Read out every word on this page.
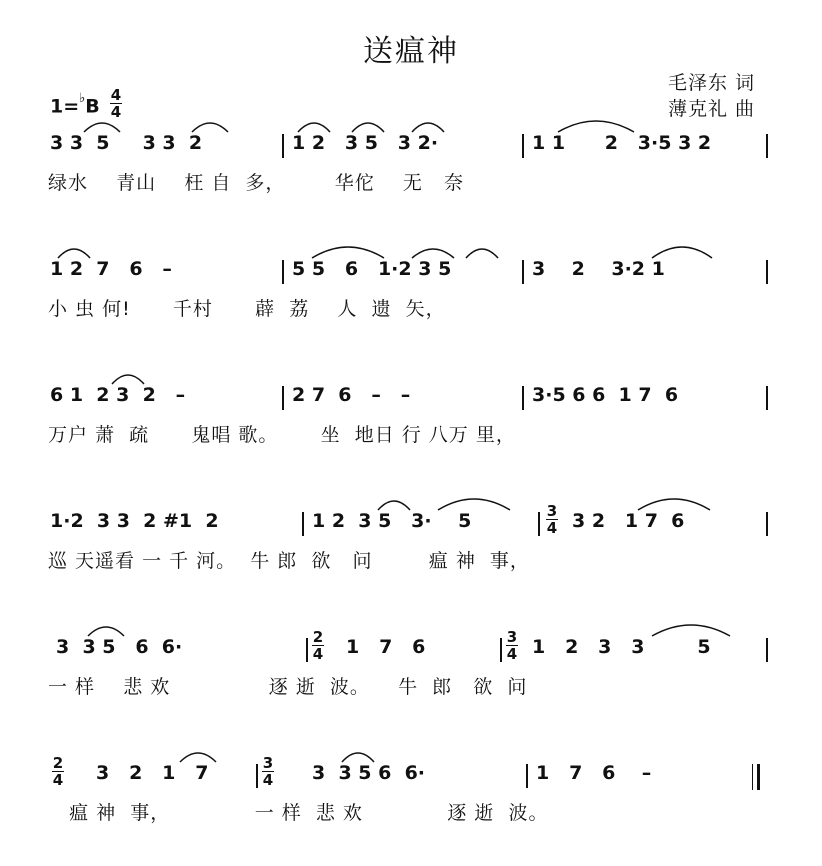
送瘟神
毛泽东 词
薄克礼 曲
1=♭B
4
4
3 3  5     3 3  2	1 2   3 5   3 2·	1 1      2   3·5 3 2

绿水    青山    枉 自  多，       华佗    无   奈

1 2  7   6   –	5 5   6   1·2 3 5	3    2    3·2 1

小 虫 何!      千村      薜  荔    人  遗  矢，

6 1  2 3  2   –	2 7  6   –   –	3·5 6 6  1 7  6

万户 萧  疏      鬼唱 歌。      坐  地日 行 八万 里，

1·2  3 3  2 #1  2	1 2  3 5   3·    5	3
4 3 2   1 7  6

巡 天遥看 一 千 河。  牛 郎  欲   问        瘟 神  事，

3  3 5   6  6·	2
4 1   7   6	3
4 1   2   3   3        5

一 样    悲 欢              逐 逝  波。    牛  郎   欲  问

2
4 3   2   1   7	3
4 3  3 5 6  6·	1   7   6    –

瘟 神  事，            一 样  悲 欢            逐 逝  波。
